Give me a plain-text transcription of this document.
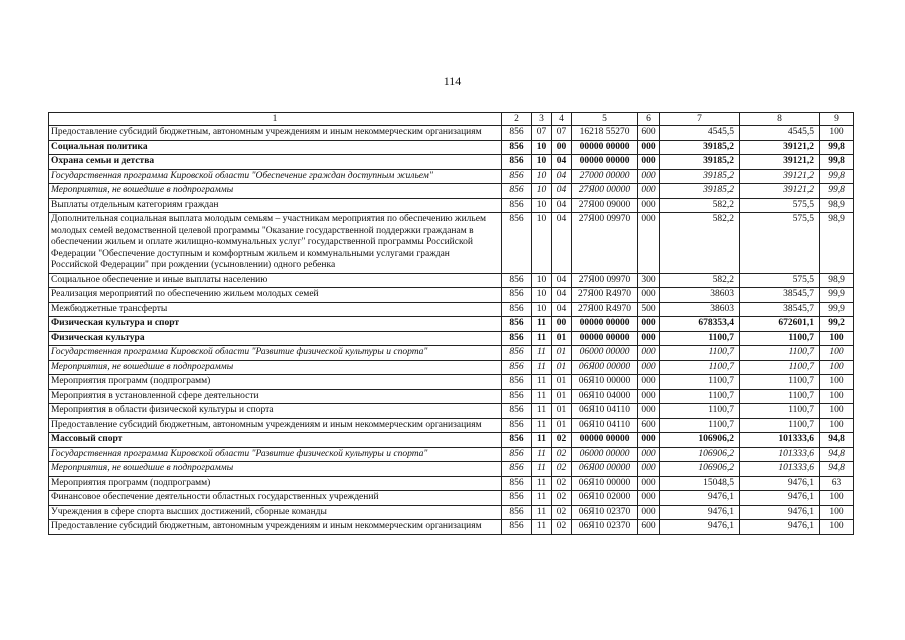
114
1	2	3	4	5	6	7	8	9
Предоставление субсидий бюджетным, автономным учреждениям и иным некоммерческим организациям	856	07	07	16218 55270	600	4545,5	4545,5	100
Социальная политика	856	10	00	00000 00000	000	39185,2	39121,2	99,8
Охрана семьи и детства	856	10	04	00000 00000	000	39185,2	39121,2	99,8
Государственная программа Кировской области "Обеспечение граждан доступным жильем"	856	10	04	27000 00000	000	39185,2	39121,2	99,8
Мероприятия, не вошедшие в подпрограммы	856	10	04	27Я00 00000	000	39185,2	39121,2	99,8
Выплаты отдельным категориям граждан	856	10	04	27Я00 09000	000	582,2	575,5	98,9
Дополнительная социальная выплата молодым семьям – участникам мероприятия по обеспечению жильем молодых семей ведомственной целевой программы "Оказание государственной поддержки гражданам в обеспечении жильем и оплате жилищно-коммунальных услуг" государственной программы Российской Федерации "Обеспечение доступным и комфортным жильем и коммунальными услугами граждан Российской Федерации" при рождении (усыновлении) одного ребенка	856	10	04	27Я00 09970	000	582,2	575,5	98,9
Социальное обеспечение и иные выплаты населению	856	10	04	27Я00 09970	300	582,2	575,5	98,9
Реализация мероприятий по обеспечению жильем молодых семей	856	10	04	27Я00 R4970	000	38603	38545,7	99,9
Межбюджетные трансферты	856	10	04	27Я00 R4970	500	38603	38545,7	99,9
Физическая культура и спорт	856	11	00	00000 00000	000	678353,4	672601,1	99,2
Физическая культура	856	11	01	00000 00000	000	1100,7	1100,7	100
Государственная программа Кировской области "Развитие физической культуры и спорта"	856	11	01	06000 00000	000	1100,7	1100,7	100
Мероприятия, не вошедшие в подпрограммы	856	11	01	06Я00 00000	000	1100,7	1100,7	100
Мероприятия программ (подпрограмм)	856	11	01	06Я10 00000	000	1100,7	1100,7	100
Мероприятия в установленной сфере деятельности	856	11	01	06Я10 04000	000	1100,7	1100,7	100
Мероприятия в области физической культуры и спорта	856	11	01	06Я10 04110	000	1100,7	1100,7	100
Предоставление субсидий бюджетным, автономным учреждениям и иным некоммерческим организациям	856	11	01	06Я10 04110	600	1100,7	1100,7	100
Массовый спорт	856	11	02	00000 00000	000	106906,2	101333,6	94,8
Государственная программа Кировской области "Развитие физической культуры и спорта"	856	11	02	06000 00000	000	106906,2	101333,6	94,8
Мероприятия, не вошедшие в подпрограммы	856	11	02	06Я00 00000	000	106906,2	101333,6	94,8
Мероприятия программ (подпрограмм)	856	11	02	06Я10 00000	000	15048,5	9476,1	63
Финансовое обеспечение деятельности областных государственных учреждений	856	11	02	06Я10 02000	000	9476,1	9476,1	100
Учреждения в сфере спорта высших достижений, сборные команды	856	11	02	06Я10 02370	000	9476,1	9476,1	100
Предоставление субсидий бюджетным, автономным учреждениям и иным некоммерческим организациям	856	11	02	06Я10 02370	600	9476,1	9476,1	100
